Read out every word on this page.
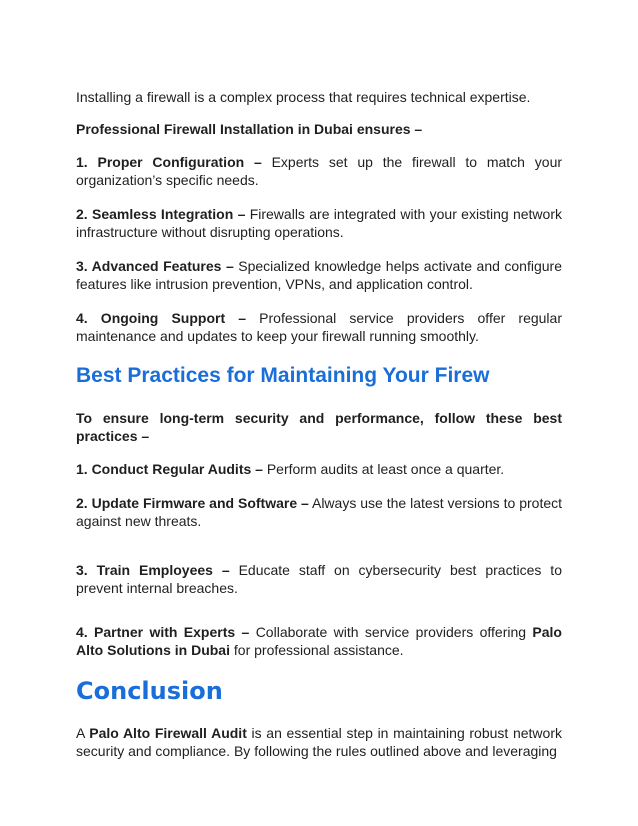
Installing a firewall is a complex process that requires technical expertise.

Professional Firewall Installation in Dubai ensures –

1. Proper Configuration – Experts set up the firewall to match your organization’s specific needs.

2. Seamless Integration – Firewalls are integrated with your existing network infrastructure without disrupting operations.

3. Advanced Features – Specialized knowledge helps activate and configure features like intrusion prevention, VPNs, and application control.

4. Ongoing Support – Professional service providers offer regular maintenance and updates to keep your firewall running smoothly.

Best Practices for Maintaining Your Firew

To ensure long-term security and performance, follow these best practices –

1. Conduct Regular Audits – Perform audits at least once a quarter.

2. Update Firmware and Software – Always use the latest versions to protect against new threats.

3. Train Employees – Educate staff on cybersecurity best practices to prevent internal breaches.

4. Partner with Experts – Collaborate with service providers offering Palo Alto Solutions in Dubai for professional assistance.

Conclusion

A Palo Alto Firewall Audit is an essential step in maintaining robust network security and compliance. By following the rules outlined above and leveraging
